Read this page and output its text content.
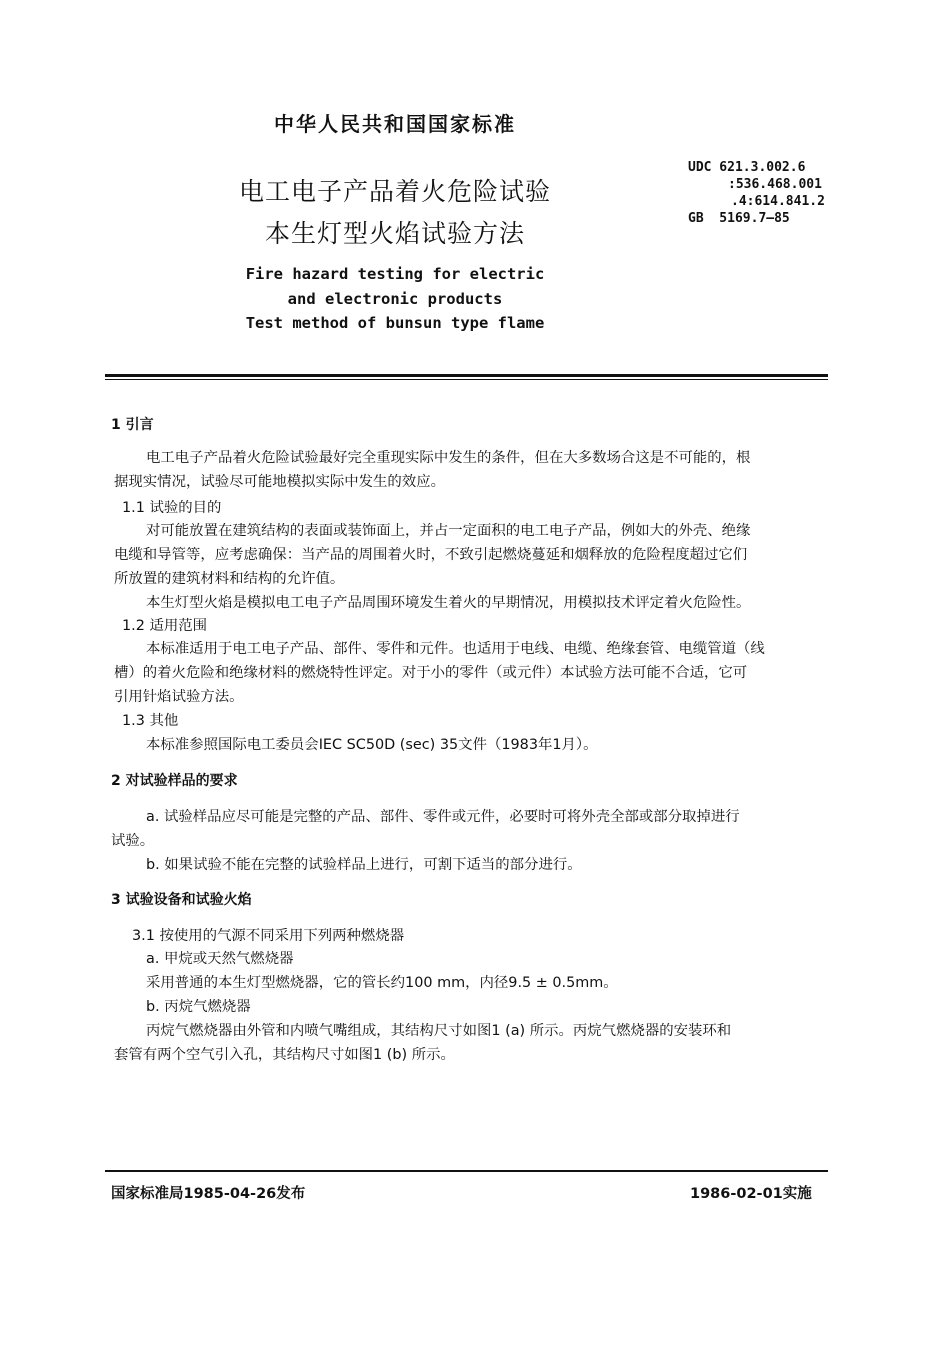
中华人民共和国国家标准
电工电子产品着火危险试验
本生灯型火焰试验方法
Fire hazard testing for electric
and electronic products
Test method of bunsun type flame
UDC 621.3.002.6
:536.468.001
.4:614.841.2
GB  5169.7—85
1 引言
电工电子产品着火危险试验最好完全重现实际中发生的条件，但在大多数场合这是不可能的，根
据现实情况，试验尽可能地模拟实际中发生的效应。
1.1 试验的目的
对可能放置在建筑结构的表面或装饰面上，并占一定面积的电工电子产品，例如大的外壳、绝缘
电缆和导管等，应考虑确保：当产品的周围着火时，不致引起燃烧蔓延和烟释放的危险程度超过它们
所放置的建筑材料和结构的允许值。
本生灯型火焰是模拟电工电子产品周围环境发生着火的早期情况，用模拟技术评定着火危险性。
1.2 适用范围
本标准适用于电工电子产品、部件、零件和元件。也适用于电线、电缆、绝缘套管、电缆管道（线
槽）的着火危险和绝缘材料的燃烧特性评定。对于小的零件（或元件）本试验方法可能不合适，它可
引用针焰试验方法。
1.3 其他
本标准参照国际电工委员会IEC SC50D (sec) 35文件（1983年1月）。
2 对试验样品的要求
a. 试验样品应尽可能是完整的产品、部件、零件或元件，必要时可将外壳全部或部分取掉进行
试验。
b. 如果试验不能在完整的试验样品上进行，可割下适当的部分进行。
3 试验设备和试验火焰
3.1 按使用的气源不同采用下列两种燃烧器
a. 甲烷或天然气燃烧器
采用普通的本生灯型燃烧器，它的管长约100 mm，内径9.5 ± 0.5mm。
b. 丙烷气燃烧器
丙烷气燃烧器由外管和内喷气嘴组成，其结构尺寸如图1 (a) 所示。丙烷气燃烧器的安装环和
套管有两个空气引入孔，其结构尺寸如图1 (b) 所示。
国家标准局1985-04-26发布	1986-02-01实施
